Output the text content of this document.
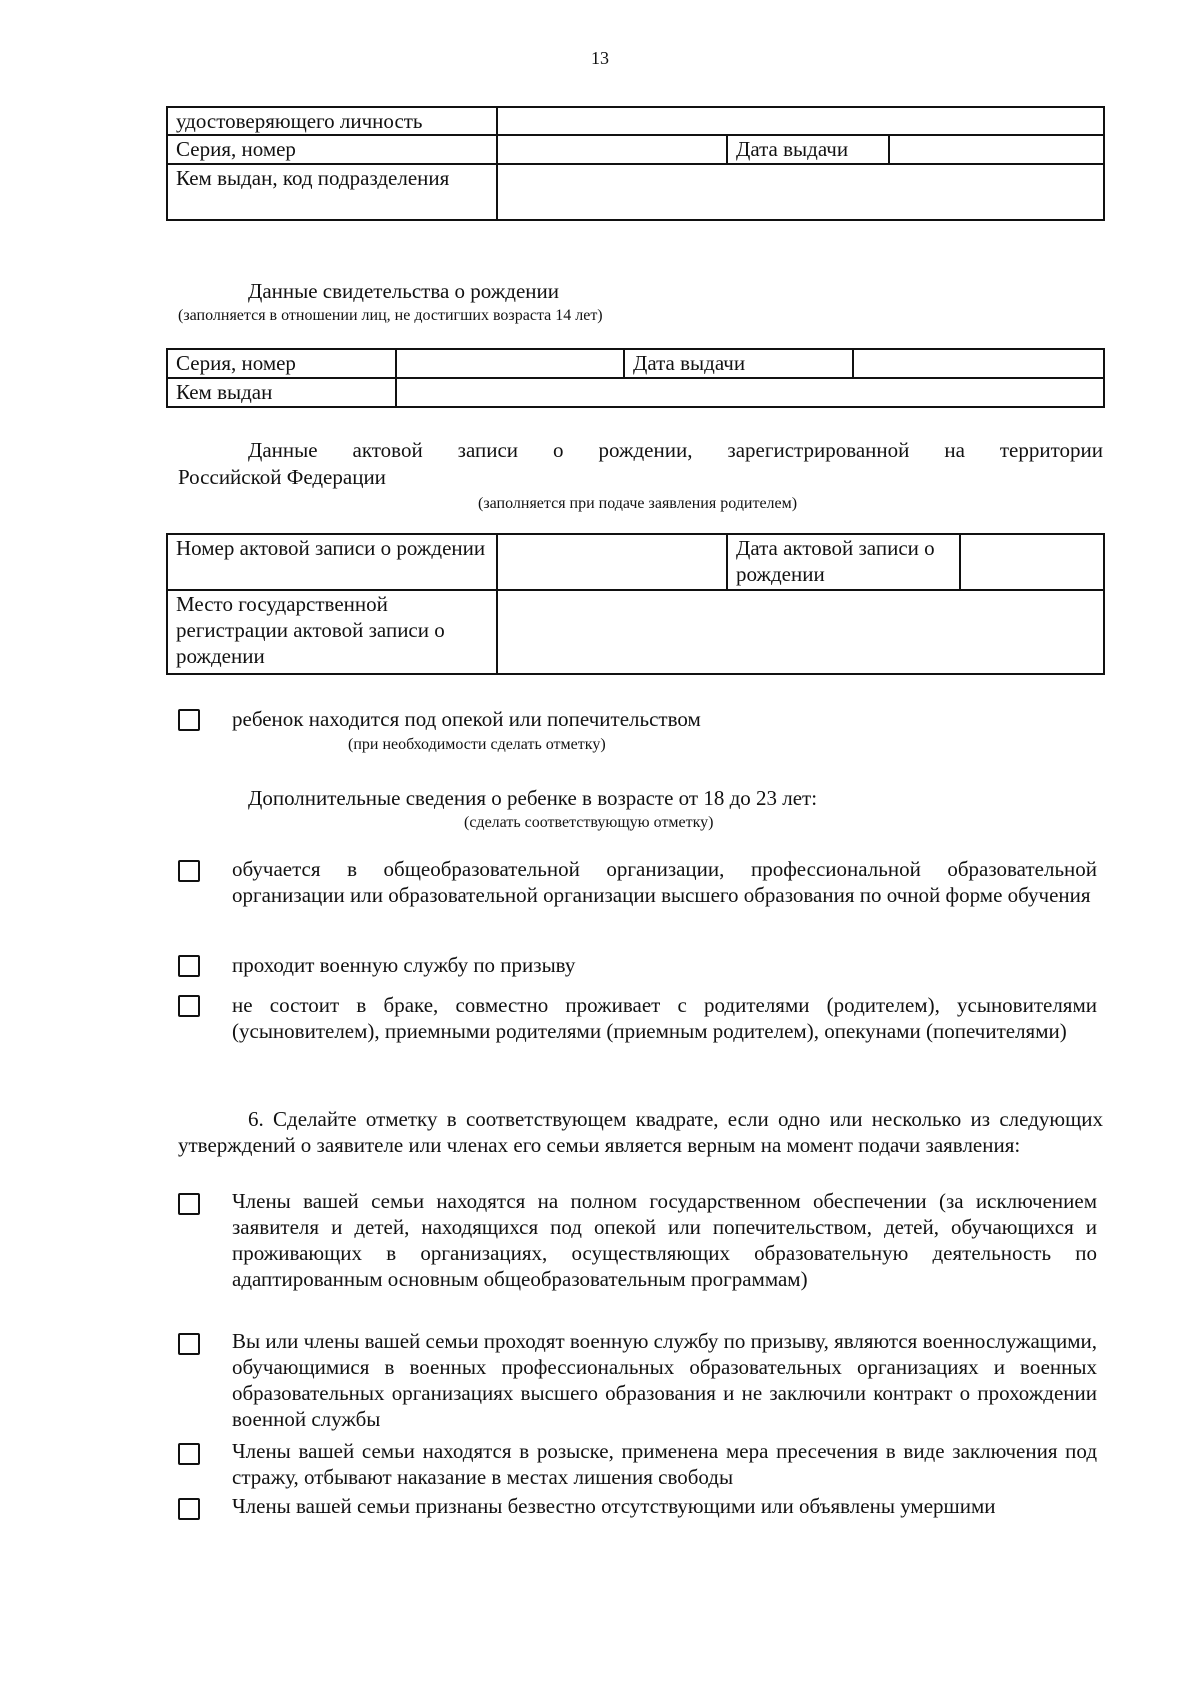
13
удостоверяющего личность			
Серия, номер		Дата выдачи	
Кем выдан, код подразделения			
Данные свидетельства о рождении
(заполняется в отношении лиц, не достигших возраста 14 лет)
Серия, номер		Дата выдачи	
Кем выдан			
Данные актовой записи о рождении, зарегистрированной на территории
Российской Федерации
(заполняется при подаче заявления родителем)
Номер актовой записи о рождении		Дата актовой записи о рождении	
Место государственной регистрации актовой записи о рождении			
ребенок находится под опекой или попечительством
(при необходимости сделать отметку)
Дополнительные сведения о ребенке в возрасте от 18 до 23 лет:
(сделать соответствующую отметку)
обучается в общеобразовательной организации, профессиональной образовательной организации или образовательной организации высшего образования по очной форме обучения
проходит военную службу по призыву
не состоит в браке, совместно проживает с родителями (родителем), усыновителями (усыновителем), приемными родителями (приемным родителем), опекунами (попечителями)
6. Сделайте отметку в соответствующем квадрате, если одно или несколько из следующих утверждений о заявителе или членах его семьи является верным на момент подачи заявления:
Члены вашей семьи находятся на полном государственном обеспечении (за исключением заявителя и детей, находящихся под опекой или попечительством, детей, обучающихся и проживающих в организациях, осуществляющих образовательную деятельность по адаптированным основным общеобразовательным программам)
Вы или члены вашей семьи проходят военную службу по призыву, являются военнослужащими, обучающимися в военных профессиональных образовательных организациях и военных образовательных организациях высшего образования и не заключили контракт о прохождении военной службы
Члены вашей семьи находятся в розыске, применена мера пресечения в виде заключения под стражу, отбывают наказание в местах лишения свободы
Члены вашей семьи признаны безвестно отсутствующими или объявлены умершими
